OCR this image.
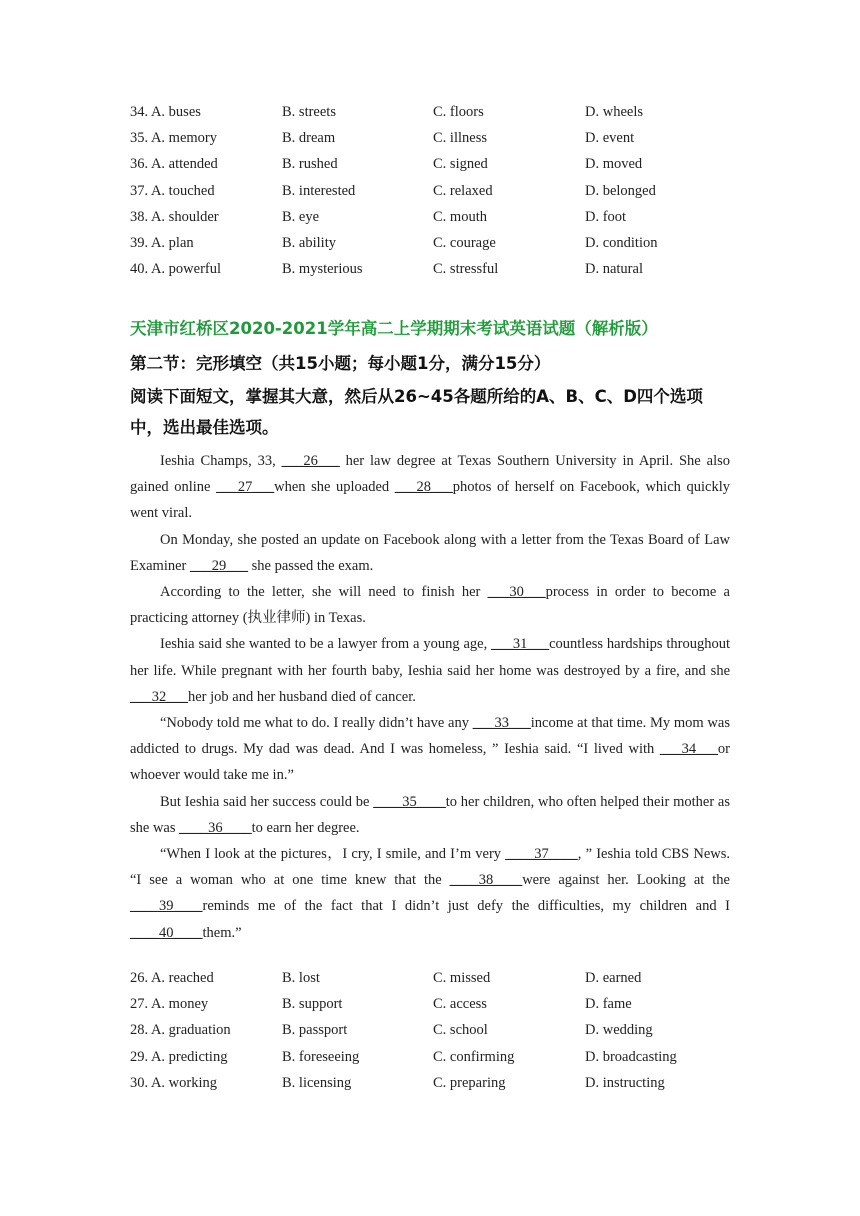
34. A. buses	B. streets	C. floors	D. wheels
35. A. memory	B. dream	C. illness	D. event
36. A. attended	B. rushed	C. signed	D. moved
37. A. touched	B. interested	C. relaxed	D. belonged
38. A. shoulder	B. eye	C. mouth	D. foot
39. A. plan	B. ability	C. courage	D. condition
40. A. powerful	B. mysterious	C. stressful	D. natural
天津市红桥区2020-2021学年高二上学期期末考试英语试题（解析版）
第二节：完形填空（共15小题；每小题1分，满分15分）
阅读下面短文，掌握其大意，然后从26~45各题所给的A、B、C、D四个选项中，选出最佳选项。

Ieshia Champs, 33, ___26___ her law degree at Texas Southern University in April. She also gained online ___27___when she uploaded ___28___photos of herself on Facebook, which quickly went viral.

On Monday, she posted an update on Facebook along with a letter from the Texas Board of Law Examiner ___29___ she passed the exam.

According to the letter, she will need to finish her ___30___process in order to become a practicing attorney (执业律师) in Texas.

Ieshia said she wanted to be a lawyer from a young age, ___31___countless hardships throughout her life. While pregnant with her fourth baby, Ieshia said her home was destroyed by a fire, and she ___32___her job and her husband died of cancer.

“Nobody told me what to do. I really didn’t have any ___33___income at that time. My mom was addicted to drugs. My dad was dead. And I was homeless, ” Ieshia said. “I lived with ___34___or whoever would take me in.”

But Ieshia said her success could be ____35____to her children, who often helped their mother as she was ____36____to earn her degree.

“When I look at the pictures，I cry, I smile, and I’m very ____37____, ” Ieshia told CBS News. “I see a woman who at one time knew that the ____38____were against her. Looking at the ____39____reminds me of the fact that I didn’t just defy the difficulties, my children and I ____40____them.”

26. A. reached	B. lost	C. missed	D. earned
27. A. money	B. support	C. access	D. fame
28. A. graduation	B. passport	C. school	D. wedding
29. A. predicting	B. foreseeing	C. confirming	D. broadcasting
30. A. working	B. licensing	C. preparing	D. instructing
